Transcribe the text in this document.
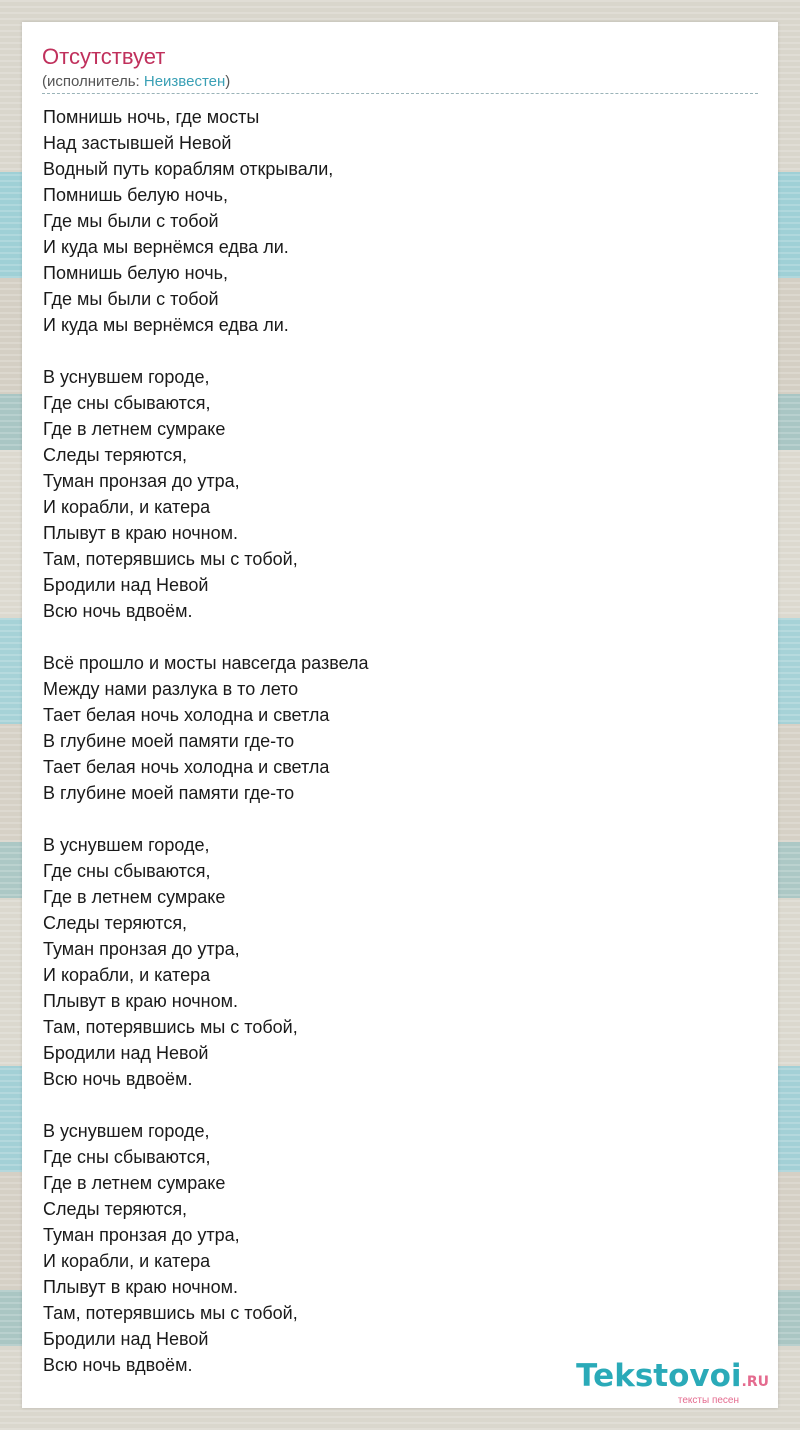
Отсутствует
(исполнитель: Неизвестен)
Помнишь ночь, где мосты
Над застывшей Невой
Водный путь кораблям открывали,
Помнишь белую ночь,
Где мы были с тобой
И куда мы вернёмся едва ли.
Помнишь белую ночь,
Где мы были с тобой
И куда мы вернёмся едва ли.

В уснувшем городе,
Где сны сбываются,
Где в летнем сумраке
Следы теряются,
Туман пронзая до утра,
И корабли, и катера
Плывут в краю ночном.
Там, потерявшись мы с тобой,
Бродили над Невой
Всю ночь вдвоём.

Всё прошло и мосты навсегда развела
Между нами разлука в то лето
Тает белая ночь холодна и светла
В глубине моей памяти где-то
Тает белая ночь холодна и светла
В глубине моей памяти где-то

В уснувшем городе,
Где сны сбываются,
Где в летнем сумраке
Следы теряются,
Туман пронзая до утра,
И корабли, и катера
Плывут в краю ночном.
Там, потерявшись мы с тобой,
Бродили над Невой
Всю ночь вдвоём.

В уснувшем городе,
Где сны сбываются,
Где в летнем сумраке
Следы теряются,
Туман пронзая до утра,
И корабли, и катера
Плывут в краю ночном.
Там, потерявшись мы с тобой,
Бродили над Невой
Всю ночь вдвоём.	Tekstovoi.RU
тексты песен
